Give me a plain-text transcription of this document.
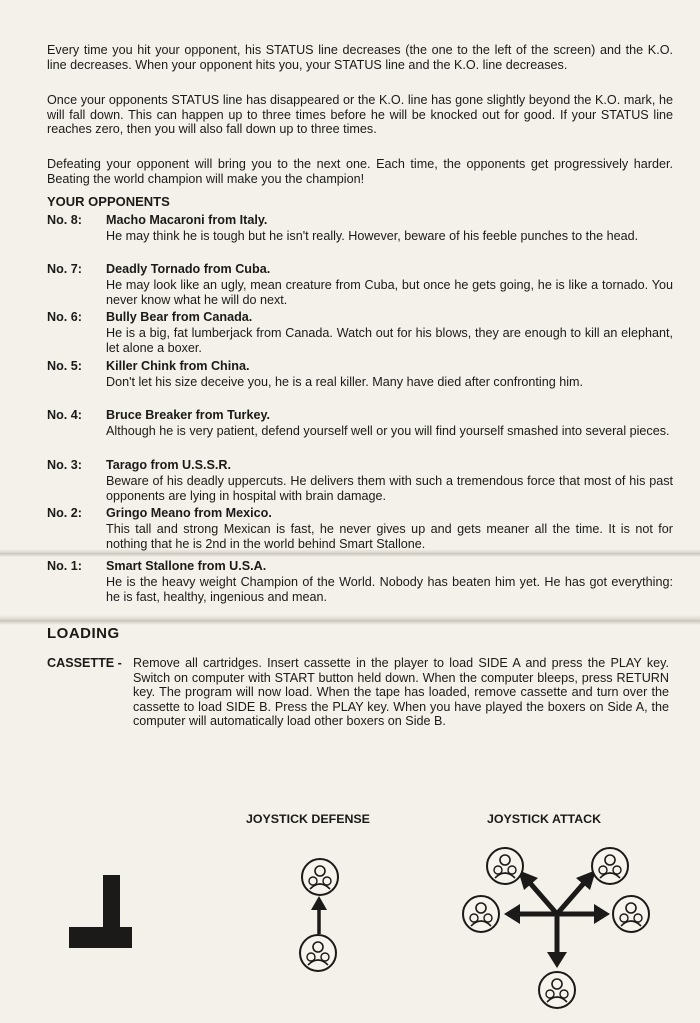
Every time you hit your opponent, his STATUS line decreases (the one to the left of the screen) and the K.O. line decreases. When your opponent hits you, your STATUS line and the K.O. line decreases.

Once your opponents STATUS line has disappeared or the K.O. line has gone slightly beyond the K.O. mark, he will fall down. This can happen up to three times before he will be knocked out for good. If your STATUS line reaches zero, then you will also fall down up to three times.

Defeating your opponent will bring you to the next one. Each time, the opponents get progressively harder. Beating the world champion will make you the champion!

YOUR OPPONENTS
No. 8:	Macho Macaroni from Italy.

He may think he is tough but he isn't really. However, beware of his feeble punches to the head.

No. 7:	Deadly Tornado from Cuba.

He may look like an ugly, mean creature from Cuba, but once he gets going, he is like a tornado. You never know what he will do next.

No. 6:	Bully Bear from Canada.

He is a big, fat lumberjack from Canada. Watch out for his blows, they are enough to kill an elephant, let alone a boxer.

No. 5:	Killer Chink from China.

Don't let his size deceive you, he is a real killer. Many have died after confronting him.

No. 4:	Bruce Breaker from Turkey.

Although he is very patient, defend yourself well or you will find yourself smashed into several pieces.

No. 3:	Tarago from U.S.S.R.

Beware of his deadly uppercuts. He delivers them with such a tremendous force that most of his past opponents are lying in hospital with brain damage.

No. 2:	Gringo Meano from Mexico.

This tall and strong Mexican is fast, he never gives up and gets meaner all the time. It is not for nothing that he is 2nd in the world behind Smart Stallone.

No. 1:	Smart Stallone from U.S.A.

He is the heavy weight Champion of the World. Nobody has beaten him yet. He has got everything: he is fast, healthy, ingenious and mean.

LOADING
CASSETTE - Remove all cartridges. Insert cassette in the player to load SIDE A and press the PLAY key. Switch on computer with START button held down. When the computer bleeps, press RETURN key. The program will now load. When the tape has loaded, remove cassette and turn over the cassette to load SIDE B. Press the PLAY key. When you have played the boxers on Side A, the computer will automatically load other boxers on Side B.

JOYSTICK DEFENSE	JOYSTICK ATTACK
